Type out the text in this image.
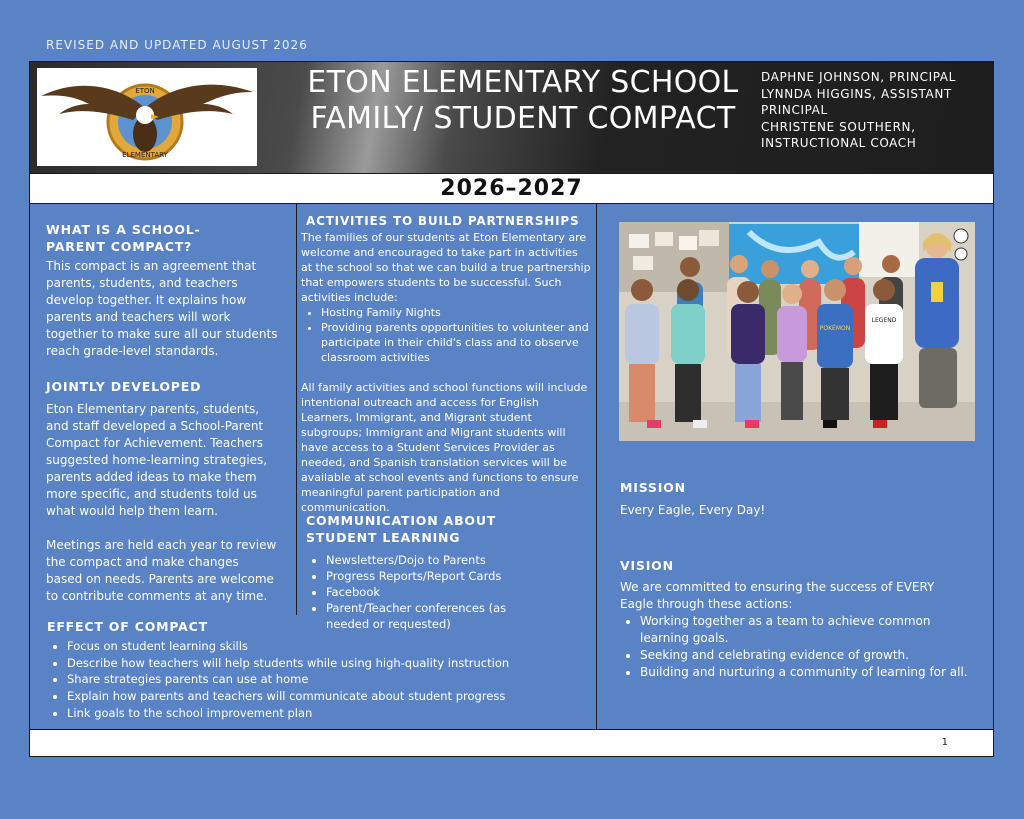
REVISED AND UPDATED AUGUST 2026
ETON
ELEMENTARY
ETON ELEMENTARY SCHOOL
FAMILY/ STUDENT COMPACT
DAPHNE JOHNSON, PRINCIPAL
LYNNDA HIGGINS, ASSISTANT
PRINCIPAL
CHRISTENE SOUTHERN,
INSTRUCTIONAL COACH
2026–2027
WHAT IS A SCHOOL-
PARENT COMPACT?

This compact is an agreement that parents, students, and teachers develop together. It explains how parents and teachers will work together to make sure all our students reach grade-level standards.

JOINTLY DEVELOPED

Eton Elementary parents, students, and staff developed a School-Parent Compact for Achievement. Teachers suggested home-learning strategies, parents added ideas to make them more specific, and students told us what would help them learn.

Meetings are held each year to review the compact and make changes based on needs. Parents are welcome to contribute comments at any time.

ACTIVITIES TO BUILD PARTNERSHIPS

The families of our students at Eton Elementary are welcome and encouraged to take part in activities at the school so that we can build a true partnership that empowers students to be successful. Such activities include:

• Hosting Family Nights
• Providing parents opportunities to volunteer and participate in their child's class and to observe classroom activities

All family activities and school functions will include intentional outreach and access for English Learners, Immigrant, and Migrant student subgroups; Immigrant and Migrant students will have access to a Student Services Provider as needed, and Spanish translation services will be available at school events and functions to ensure meaningful parent participation and communication.

COMMUNICATION ABOUT
STUDENT LEARNING
• Newsletters/Dojo to Parents
• Progress Reports/Report Cards
• Facebook
• Parent/Teacher conferences (as needed or requested)
EFFECT OF COMPACT
• Focus on student learning skills
• Describe how teachers will help students while using high-quality instruction
• Share strategies parents can use at home
• Explain how parents and teachers will communicate about student progress
• Link goals to the school improvement plan
POKÉMON
LEGEND
MISSION

Every Eagle, Every Day!

VISION

We are committed to ensuring the success of EVERY Eagle through these actions:

• Working together as a team to achieve common learning goals.
• Seeking and celebrating evidence of growth.
• Building and nurturing a community of learning for all.
1
